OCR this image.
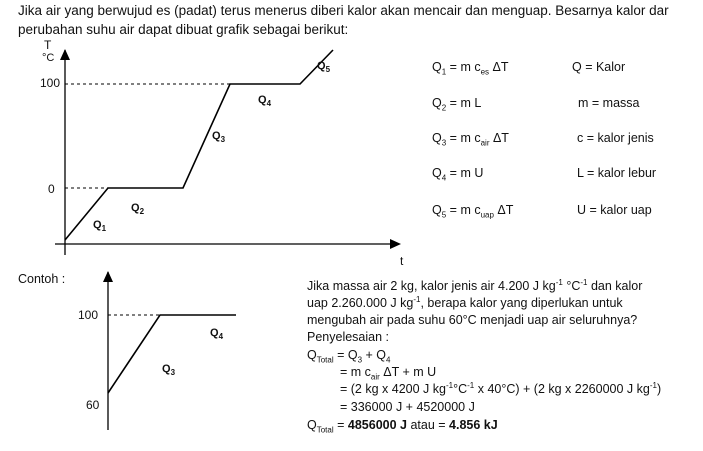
Jika air yang berwujud es (padat) terus menerus diberi kalor akan mencair dan menguap. Besarnya kalor dar
perubahan suhu air dapat dibuat grafik sebagai berikut:
T
°C
100
0
t
$Q_1$
$Q_2$
$Q_3$
$Q_4$
$Q_5$	$Q_1 = m$ $c_{es}$ ΔT
$Q_2 = m$ L
$Q_3 = m$ $c_{air}$ ΔT
$Q_4 = m$ U
$Q_5 = m$ $c_{uap}$ ΔT
Q = Kalor
m = massa
c = kalor jenis
L = kalor lebur
U = kalor uap
Contoh :
100
60
$Q_3$
$Q_4$
Jika massa air 2 kg, kalor jenis air 4.200 J $kg^{-1}$ $^\circ C^{-1}$ dan kalor
uap 2.260.000 J $kg^{-1}$, berapa kalor yang diperlukan untuk
mengubah air pada suhu 60°C menjadi uap air seluruhnya?
Penyelesaian :
$Q_{Total} = Q_3 + Q_4$
= m $c_{air}$ ΔT + m U
= (2 kg x 4200 J $kg^{-1}^\circ C^{-1}$ x 40°C) + (2 kg x 2260000 J $kg^{-1}$)
= 336000 J + 4520000 J
$Q_{Total} = 4856000$ J atau = 4.856 kJ
